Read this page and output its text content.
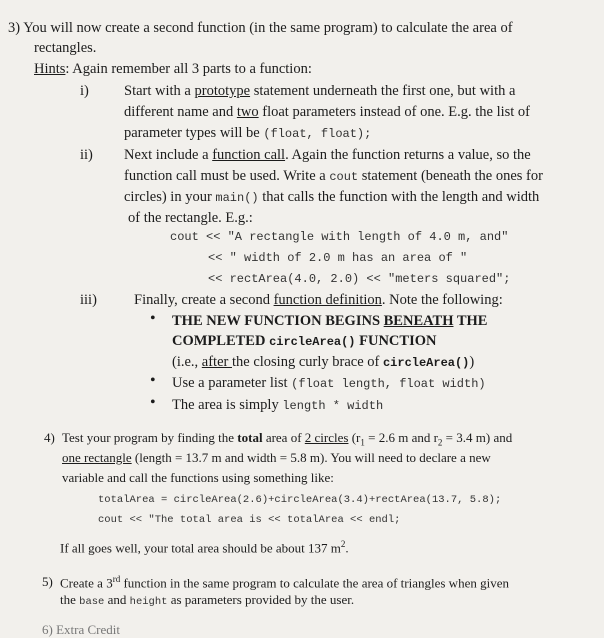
3) You will now create a second function (in the same program) to calculate the area of
rectangles.
Hints: Again remember all 3 parts to a function:
i) Start with a prototype statement underneath the first one, but with a
different name and two float parameters instead of one. E.g. the list of
parameter types will be (float, float);
ii) Next include a function call. Again the function returns a value, so the
function call must be used. Write a cout statement (beneath the ones for
circles) in your main() that calls the function with the length and width
of the rectangle. E.g.:
cout << "A rectangle with length of 4.0 m, and"
<< " width of 2.0 m has an area of "
<< rectArea(4.0, 2.0) << "meters squared";
iii)	Finally, create a second function definition. Note the following:
• THE NEW FUNCTION BEGINS BENEATH THE
COMPLETED circleArea() FUNCTION
(i.e., after the closing curly brace of circleArea())
• Use a parameter list (float length, float width)
• The area is simply length * width
4) Test your program by finding the total area of 2 circles ($r_1 = 2.6$ m and $r_2 = 3.4$ m) and
one rectangle (length = 13.7 m and width = 5.8 m). You will need to declare a new
variable and call the functions using something like:
totalArea = circleArea(2.6)+circleArea(3.4)+rectArea(13.7, 5.8);
cout << "The total area is << totalArea << endl;
If all goes well, your total area should be about 137 $m^2$.
5) Create a 3rd function in the same program to calculate the area of triangles when given
the base and height as parameters provided by the user.
6) Extra Credit
